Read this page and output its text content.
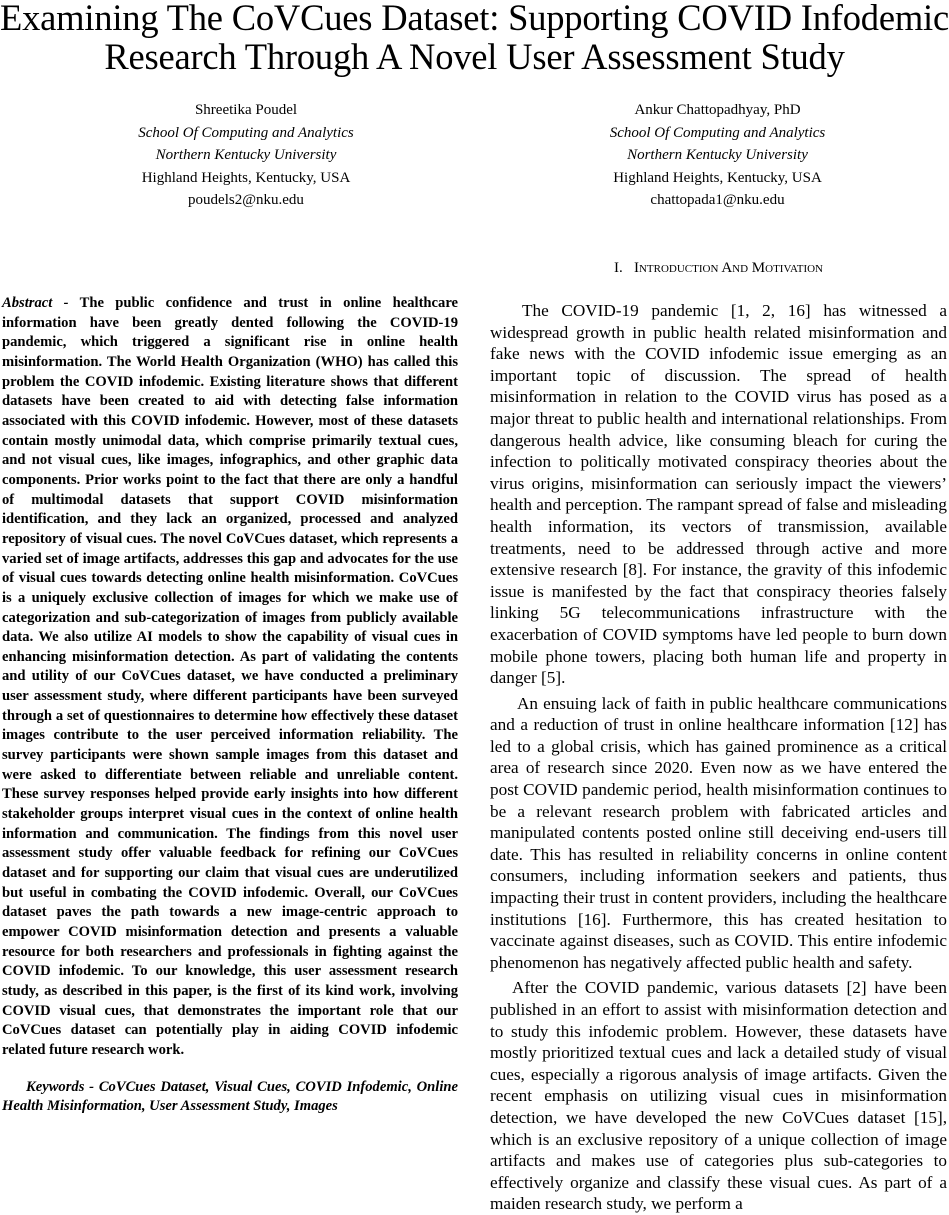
Examining The CoVCues Dataset: Supporting COVID Infodemic Research Through A Novel User Assessment Study
Shreetika Poudel
School Of Computing and Analytics
Northern Kentucky University
Highland Heights, Kentucky, USA
poudels2@nku.edu
Ankur Chattopadhyay, PhD
School Of Computing and Analytics
Northern Kentucky University
Highland Heights, Kentucky, USA
chattopada1@nku.edu

Abstract - The public confidence and trust in online healthcare information have been greatly dented following the COVID-19 pandemic, which triggered a significant rise in online health misinformation. The World Health Organization (WHO) has called this problem the COVID infodemic. Existing literature shows that different datasets have been created to aid with detecting false information associated with this COVID infodemic. However, most of these datasets contain mostly unimodal data, which comprise primarily textual cues, and not visual cues, like images, infographics, and other graphic data components. Prior works point to the fact that there are only a handful of multimodal datasets that support COVID misinformation identification, and they lack an organized, processed and analyzed repository of visual cues. The novel CoVCues dataset, which represents a varied set of image artifacts, addresses this gap and advocates for the use of visual cues towards detecting online health misinformation. CoVCues is a uniquely exclusive collection of images for which we make use of categorization and sub-categorization of images from publicly available data. We also utilize AI models to show the capability of visual cues in enhancing misinformation detection. As part of validating the contents and utility of our CoVCues dataset, we have conducted a preliminary user assessment study, where different participants have been surveyed through a set of questionnaires to determine how effectively these dataset images contribute to the user perceived information reliability. The survey participants were shown sample images from this dataset and were asked to differentiate between reliable and unreliable content. These survey responses helped provide early insights into how different stakeholder groups interpret visual cues in the context of online health information and communication. The findings from this novel user assessment study offer valuable feedback for refining our CoVCues dataset and for supporting our claim that visual cues are underutilized but useful in combating the COVID infodemic. Overall, our CoVCues dataset paves the path towards a new image-centric approach to empower COVID misinformation detection and presents a valuable resource for both researchers and professionals in fighting against the COVID infodemic. To our knowledge, this user assessment research study, as described in this paper, is the first of its kind work, involving COVID visual cues, that demonstrates the important role that our CoVCues dataset can potentially play in aiding COVID infodemic related future research work.

Keywords - CoVCues Dataset, Visual Cues, COVID Infodemic, Online Health Misinformation, User Assessment Study, Images

I. Introduction And Motivation

The COVID-19 pandemic [1, 2, 16] has witnessed a widespread growth in public health related misinformation and fake news with the COVID infodemic issue emerging as an important topic of discussion. The spread of health misinformation in relation to the COVID virus has posed as a major threat to public health and international relationships. From dangerous health advice, like consuming bleach for curing the infection to politically motivated conspiracy theories about the virus origins, misinformation can seriously impact the viewers’ health and perception. The rampant spread of false and misleading health information, its vectors of transmission, available treatments, need to be addressed through active and more extensive research [8]. For instance, the gravity of this infodemic issue is manifested by the fact that conspiracy theories falsely linking 5G telecommunications infrastructure with the exacerbation of COVID symptoms have led people to burn down mobile phone towers, placing both human life and property in danger [5].

An ensuing lack of faith in public healthcare communications and a reduction of trust in online healthcare information [12] has led to a global crisis, which has gained prominence as a critical area of research since 2020. Even now as we have entered the post COVID pandemic period, health misinformation continues to be a relevant research problem with fabricated articles and manipulated contents posted online still deceiving end-users till date. This has resulted in reliability concerns in online content consumers, including information seekers and patients, thus impacting their trust in content providers, including the healthcare institutions [16]. Furthermore, this has created hesitation to vaccinate against diseases, such as COVID. This entire infodemic phenomenon has negatively affected public health and safety.

After the COVID pandemic, various datasets [2] have been published in an effort to assist with misinformation detection and to study this infodemic problem. However, these datasets have mostly prioritized textual cues and lack a detailed study of visual cues, especially a rigorous analysis of image artifacts. Given the recent emphasis on utilizing visual cues in misinformation detection, we have developed the new CoVCues dataset [15], which is an exclusive repository of a unique collection of image artifacts and makes use of categories plus sub-categories to effectively organize and classify these visual cues. As part of a maiden research study, we perform a
